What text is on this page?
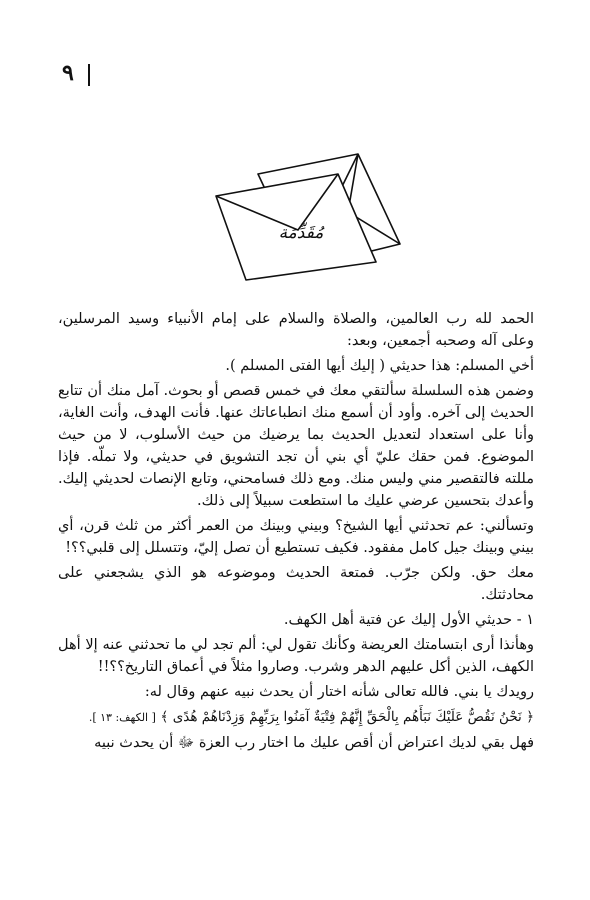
٩
مُقَدِّمَة

الحمد لله رب العالمين، والصلاة والسلام على إمام الأنبياء وسيد المرسلين، وعلى آله وصحبه أجمعين، وبعد:

أخي المسلم: هذا حديثي ( إليك أيها الفتى المسلم ).

وضمن هذه السلسلة سألتقي معك في خمس قصص أو بحوث. آمل منك أن تتابع الحديث إلى آخره. وأود أن أسمع منك انطباعاتك عنها. فأنت الهدف، وأنت الغاية، وأنا على استعداد لتعديل الحديث بما يرضيك من حيث الأسلوب، لا من حيث الموضوع. فمن حقك عليّ أي بني أن تجد التشويق في حديثي، ولا تملّه. فإذا مللته فالتقصير مني وليس منك. ومع ذلك فسامحني، وتابع الإنصات لحديثي إليك. وأعدك بتحسين عرضي عليك ما استطعت سبيلاً إلى ذلك.

وتسألني: عم تحدثني أيها الشيخ؟ وبيني وبينك من العمر أكثر من ثلث قرن، أي بيني وبينك جيل كامل مفقود. فكيف تستطيع أن تصل إليّ، وتتسلل إلى قلبي؟؟!

معك حق. ولكن جرّب. فمتعة الحديث وموضوعه هو الذي يشجعني على محادثتك.

١ - حديثي الأول إليك عن فتية أهل الكهف.

وهأنذا أرى ابتسامتك العريضة وكأنك تقول لي: ألم تجد لي ما تحدثني عنه إلا أهل الكهف، الذين أكل عليهم الدهر وشرب. وصاروا مثلاً في أعماق التاريخ؟؟!!

رويدك يا بني. فالله تعالى شأنه اختار أن يحدث نبيه عنهم وقال له:

﴿ نَحْنُ نَقُصُّ عَلَيْكَ نَبَأَهُم بِالْحَقِّ إِنَّهُمْ فِتْيَةٌ آمَنُوا بِرَبِّهِمْ وَزِدْنَاهُمْ هُدًى ﴾ [ الكهف: ١٣ ].

فهل بقي لديك اعتراض أن أقص عليك ما اختار رب العزة ﷻ أن يحدث نبيه
